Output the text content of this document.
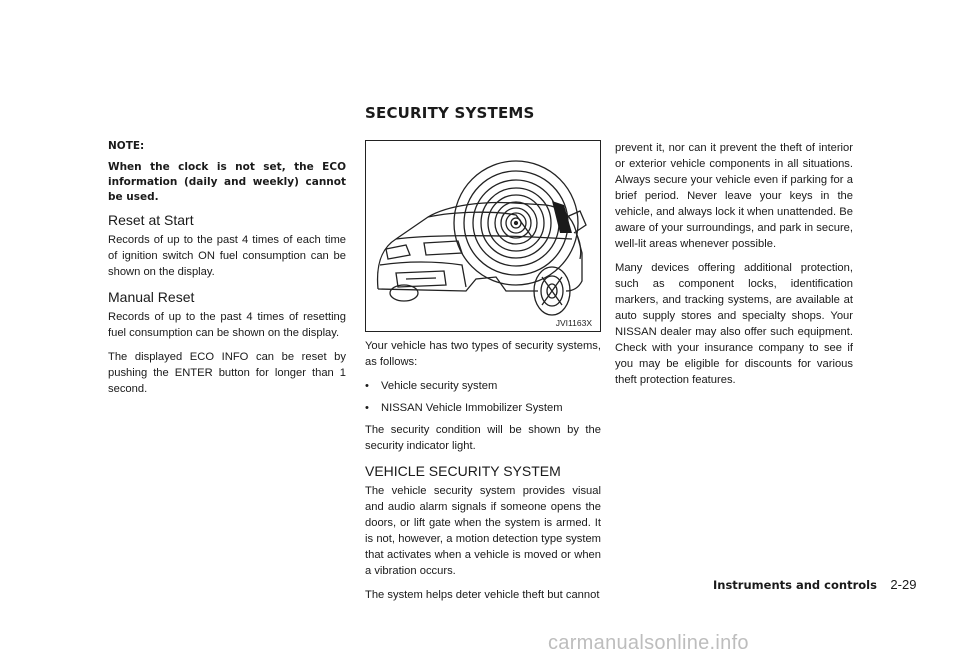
SECURITY SYSTEMS

NOTE:

When the clock is not set, the ECO information (daily and weekly) cannot be used.

Reset at Start

Records of up to the past 4 times of each time of ignition switch ON fuel consumption can be shown on the display.

Manual Reset

Records of up to the past 4 times of resetting fuel consumption can be shown on the display.

The displayed ECO INFO can be reset by pushing the ENTER button for longer than 1 second.

JVI1163X

Your vehicle has two types of security systems, as follows:

•	Vehicle security system
•	NISSAN Vehicle Immobilizer System

The security condition will be shown by the security indicator light.

VEHICLE SECURITY SYSTEM

The vehicle security system provides visual and audio alarm signals if someone opens the doors, or lift gate when the system is armed. It is not, however, a motion detection type system that activates when a vehicle is moved or when a vibration occurs.

The system helps deter vehicle theft but cannot

prevent it, nor can it prevent the theft of interior or exterior vehicle components in all situations. Always secure your vehicle even if parking for a brief period. Never leave your keys in the vehicle, and always lock it when unattended. Be aware of your surroundings, and park in secure, well-lit areas whenever possible.

Many devices offering additional protection, such as component locks, identification markers, and tracking systems, are available at auto supply stores and specialty shops. Your NISSAN dealer may also offer such equipment. Check with your insurance company to see if you may be eligible for discounts for various theft protection features.

Instruments and controls 2-29
carmanualsonline.info
